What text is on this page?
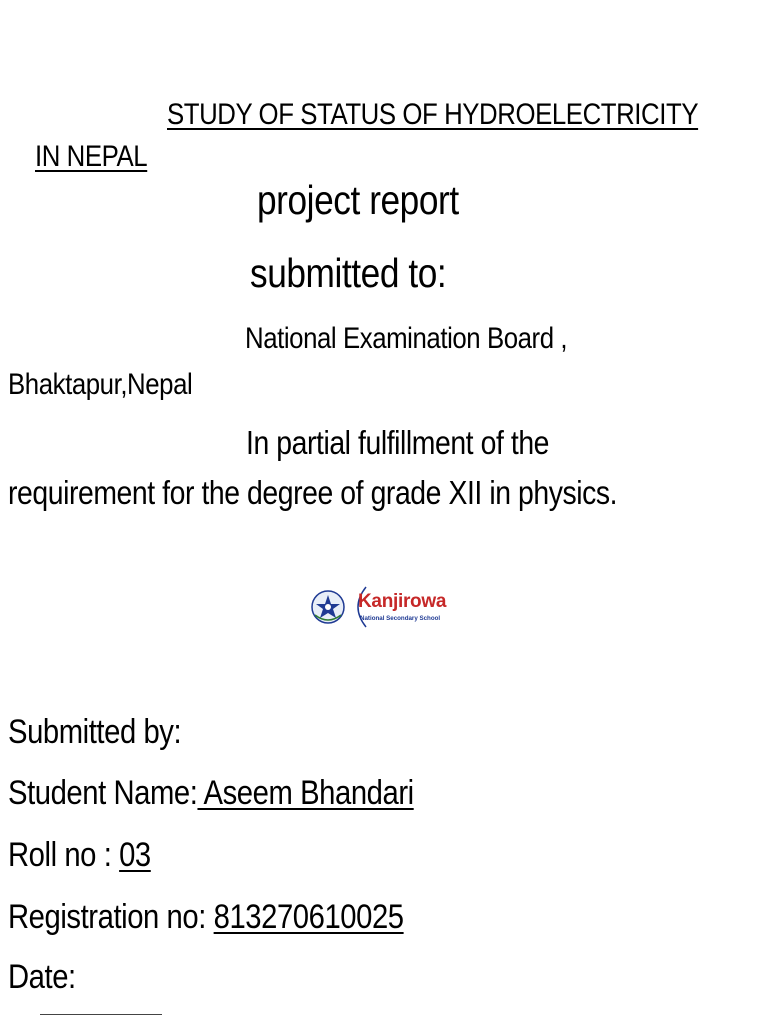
STUDY OF STATUS OF HYDROELECTRICITY
IN NEPAL
project report
submitted to:
National Examination Board ,
Bhaktapur,Nepal
In partial fulfillment of the
requirement for the degree of grade XII in physics.
Kanjirowa
National Secondary School
Submitted by:
Student Name: Aseem Bhandari
Roll no : 03
Registration no: 813270610025
Date:
